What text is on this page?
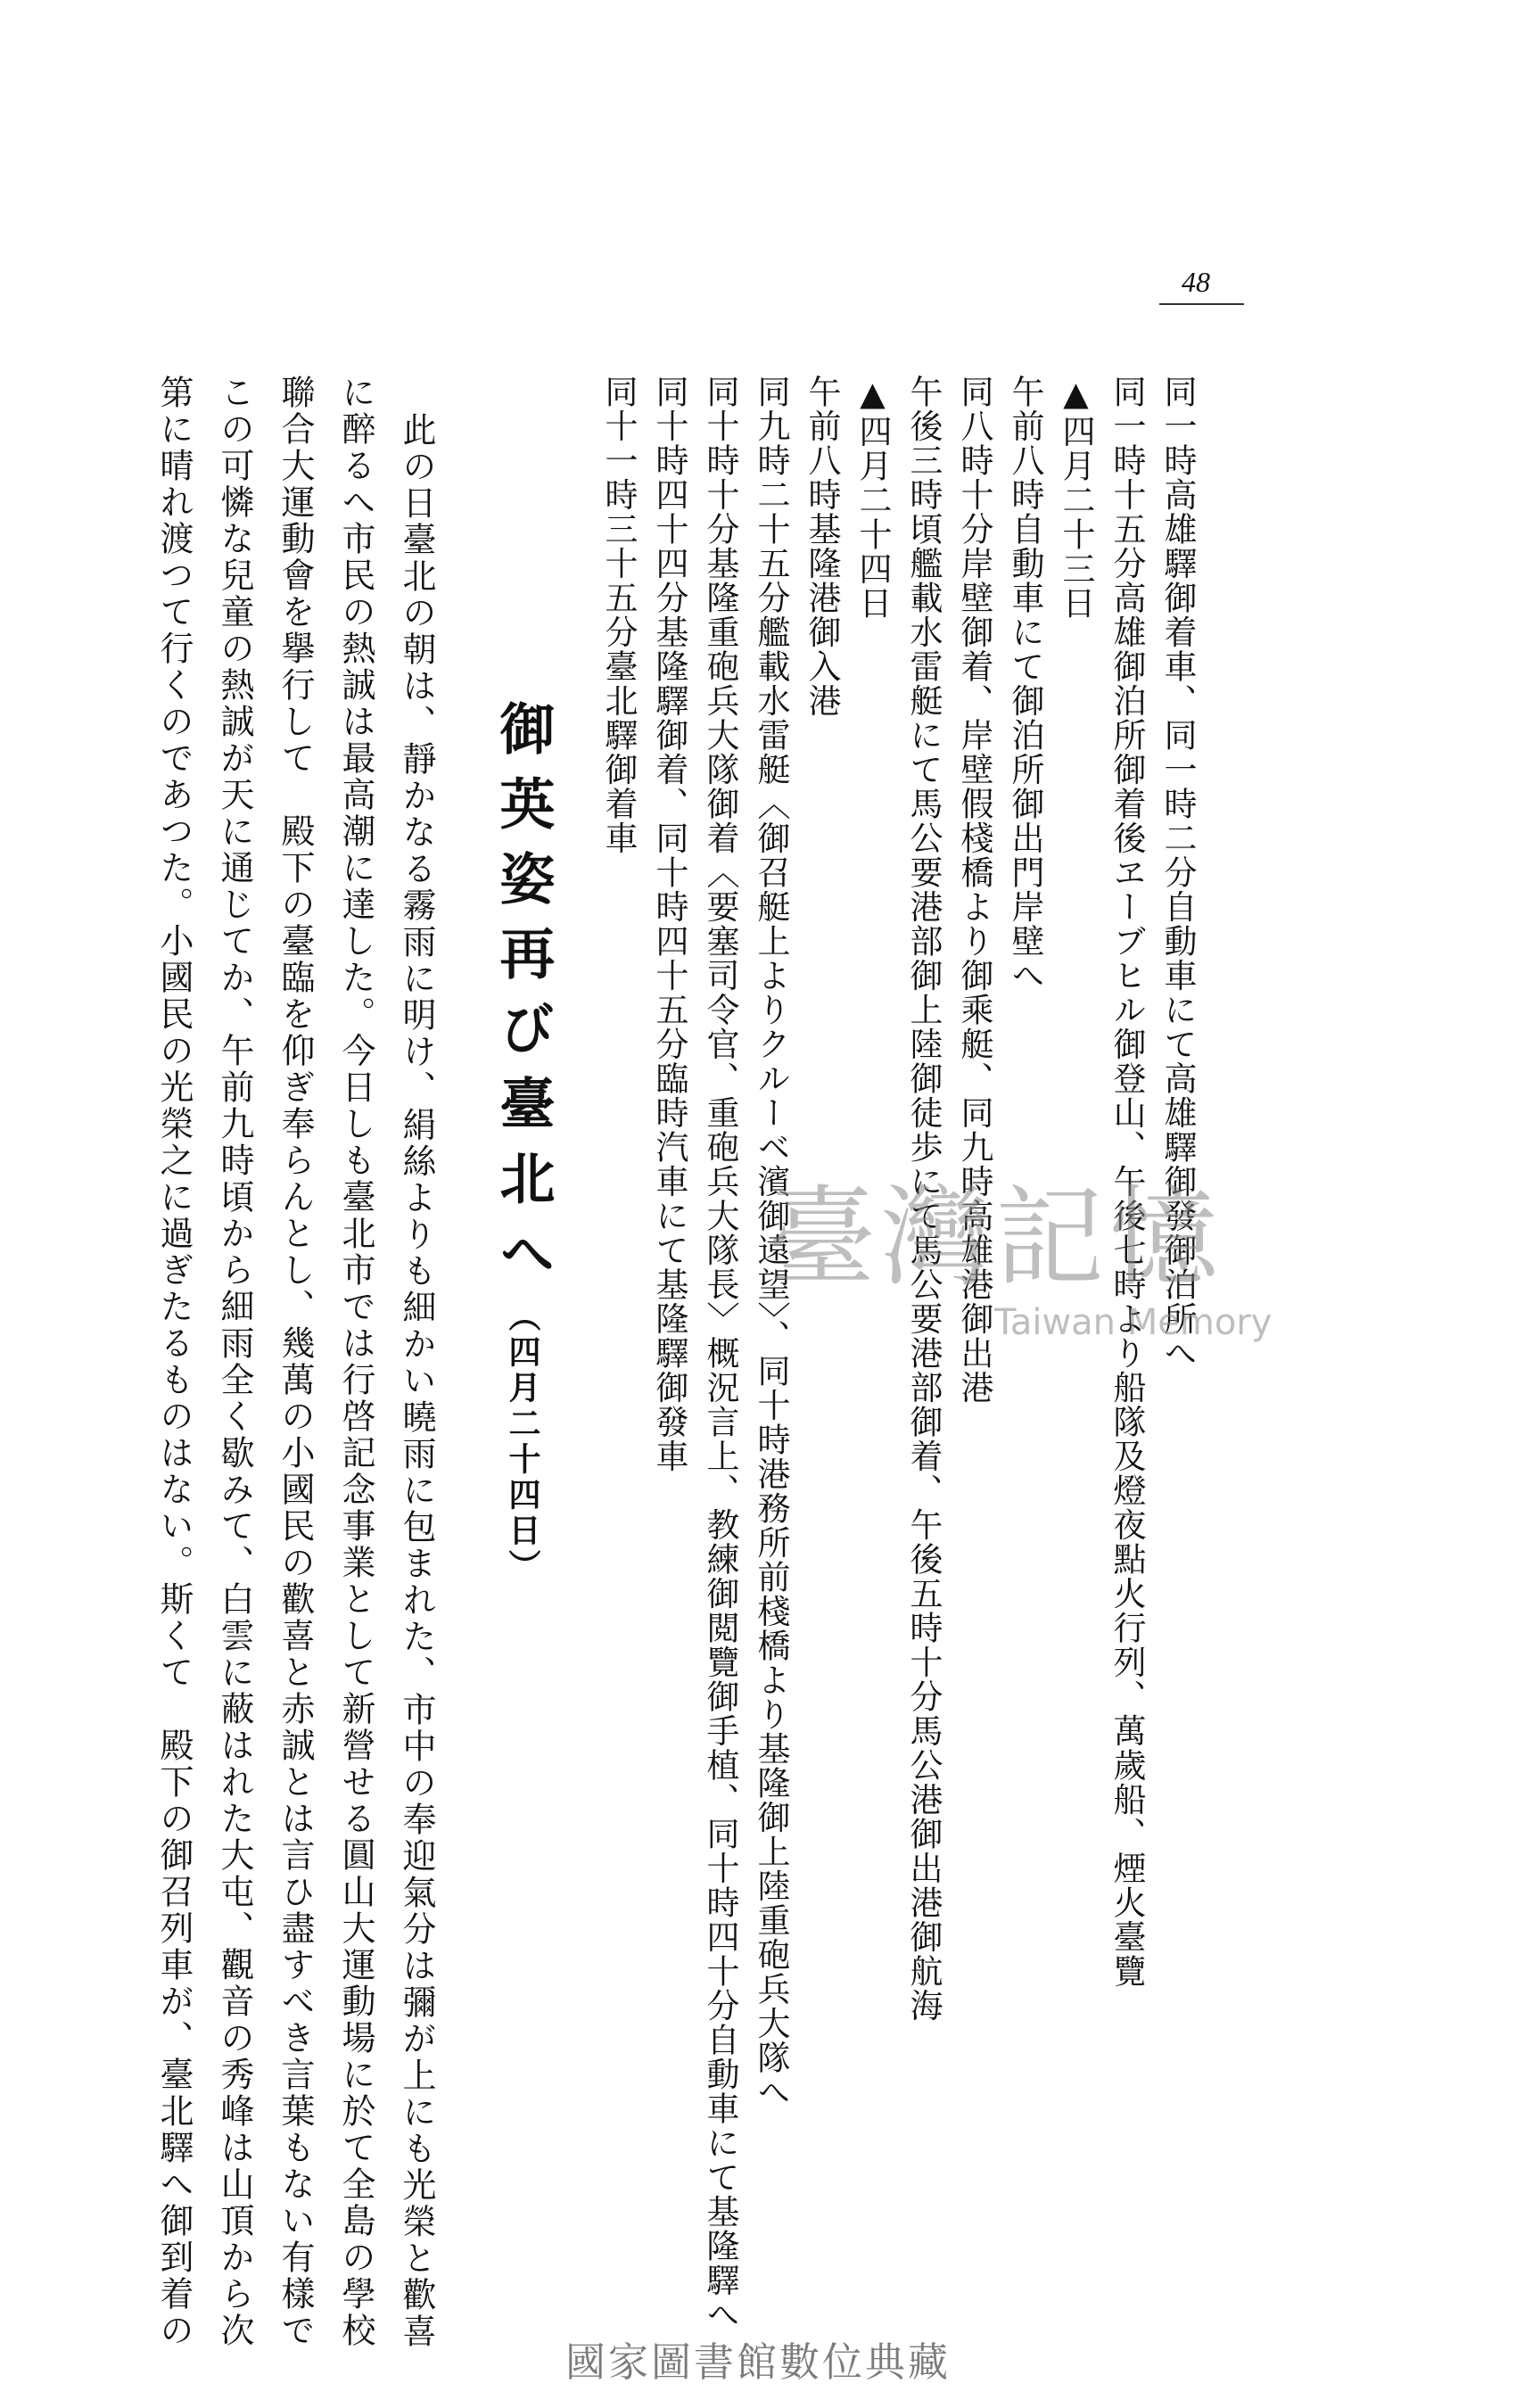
48
同一時高雄驛御着車、同一時二分自動車にて高雄驛御發御泊所へ
同一時十五分高雄御泊所御着後ヱーブヒル御登山、午後七時より船隊及燈夜點火行列、萬歲船、煙火臺覽
▲四月二十三日
午前八時自動車にて御泊所御出門岸壁へ
同八時十分岸壁御着、岸壁假棧橋より御乘艇、同九時高雄港御出港
午後三時頃艦載水雷艇にて馬公要港部御上陸御徒歩にて馬公要港部御着、午後五時十分馬公港御出港御航海
▲四月二十四日
午前八時基隆港御入港
同九時二十五分艦載水雷艇〈御召艇上よりクルーベ濱御遠望〉、同十時港務所前棧橋より基隆御上陸重砲兵大隊へ
同十時十分基隆重砲兵大隊御着〈要塞司令官、重砲兵大隊長〉概況言上、教練御閲覽御手植、同十時四十分自動車にて基隆驛へ
同十時四十四分基隆驛御着、同十時四十五分臨時汽車にて基隆驛御發車
同十一時三十五分臺北驛御着車
御英姿再び臺北へ（四月二十四日）
此の日臺北の朝は、靜かなる霧雨に明け、絹絲よりも細かい曉雨に包まれた、市中の奉迎氣分は彌が上にも光榮と歡喜
に醉るへ市民の熱誠は最高潮に達した。今日しも臺北市では行啓記念事業として新營せる圓山大運動場に於て全島の學校
聯合大運動會を擧行して　殿下の臺臨を仰ぎ奉らんとし、幾萬の小國民の歡喜と赤誠とは言ひ盡すべき言葉もない有樣で
この可憐な兒童の熱誠が天に通じてか、午前九時頃から細雨全く歇みて、白雲に蔽はれた大屯、觀音の秀峰は山頂から次
第に晴れ渡つて行くのであつた。小國民の光榮之に過ぎたるものはない。斯くて　殿下の御召列車が、臺北驛へ御到着の	臺灣記憶
Taiwan Memory
國家圖書館數位典藏
